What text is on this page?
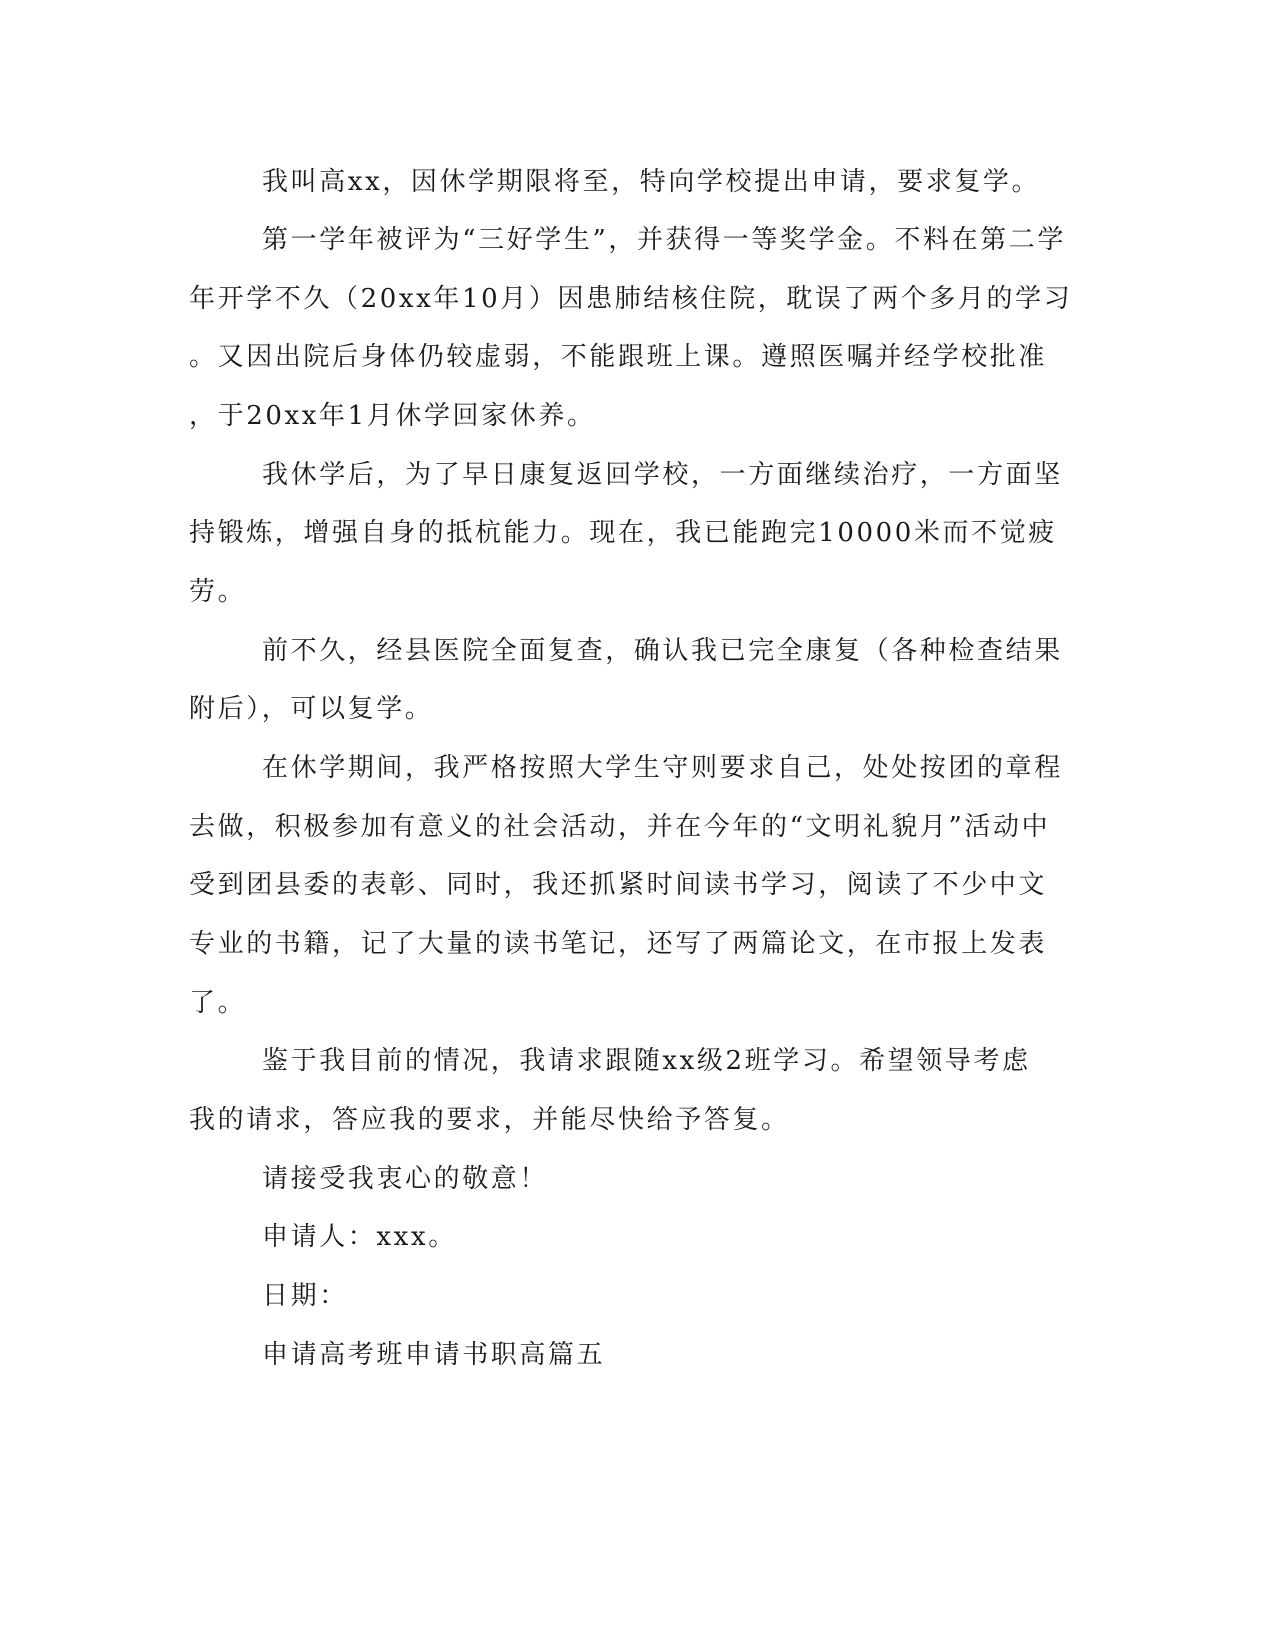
我叫高xx，因休学期限将至，特向学校提出申请，要求复学。

第一学年被评为“三好学生”，并获得一等奖学金。不料在第二学

年开学不久（20xx年10月）因患肺结核住院，耽误了两个多月的学习

。又因出院后身体仍较虚弱，不能跟班上课。遵照医嘱并经学校批准

，于20xx年1月休学回家休养。

我休学后，为了早日康复返回学校，一方面继续治疗，一方面坚

持锻炼，增强自身的抵杭能力。现在，我已能跑完10000米而不觉疲

劳。

前不久，经县医院全面复查，确认我已完全康复（各种检查结果

附后），可以复学。

在休学期间，我严格按照大学生守则要求自己，处处按团的章程

去做，积极参加有意义的社会活动，并在今年的“文明礼貌月”活动中

受到团县委的表彰、同时，我还抓紧时间读书学习，阅读了不少中文

专业的书籍，记了大量的读书笔记，还写了两篇论文，在市报上发表

了。

鉴于我目前的情况，我请求跟随xx级2班学习。希望领导考虑

我的请求，答应我的要求，并能尽快给予答复。

请接受我衷心的敬意！

申请人：xxx。

日期：

申请高考班申请书职高篇五
